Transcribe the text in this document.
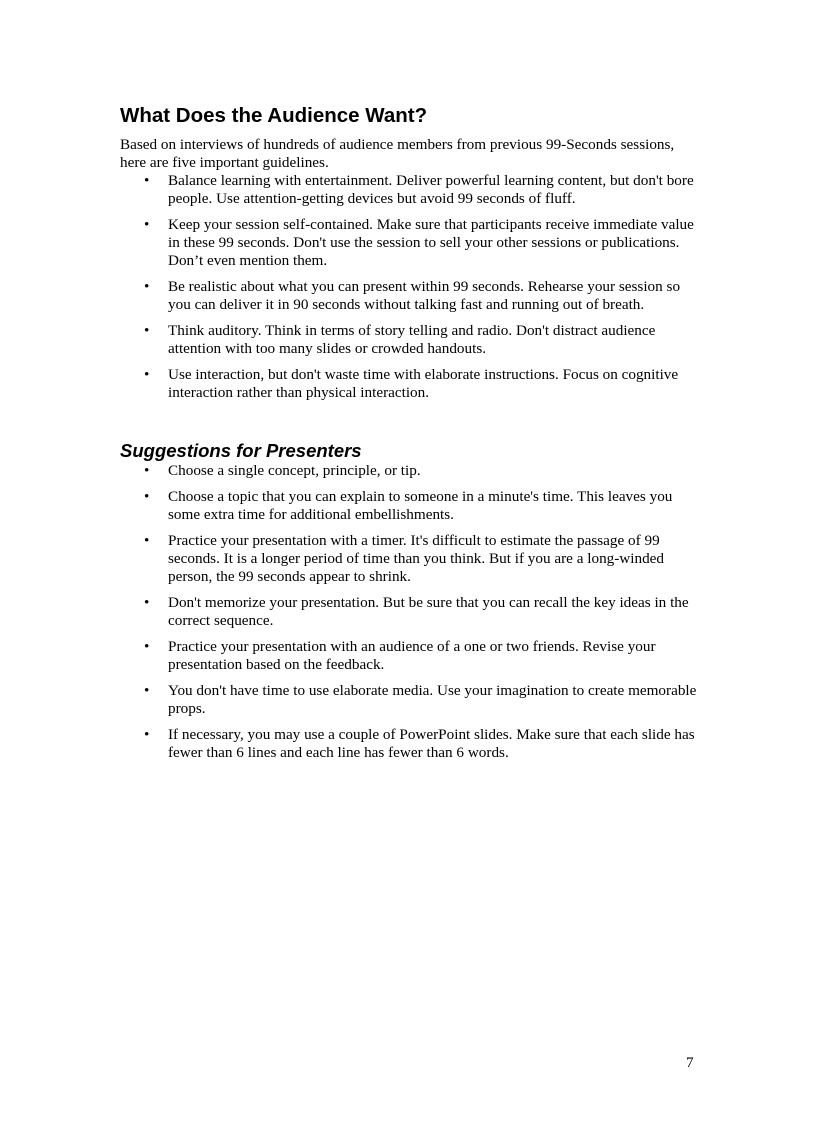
What Does the Audience Want?

Based on interviews of hundreds of audience members from previous 99-Seconds sessions, here are five important guidelines.

• Balance learning with entertainment. Deliver powerful learning content, but don't bore people. Use attention-getting devices but avoid 99 seconds of fluff.
• Keep your session self-contained. Make sure that participants receive immediate value in these 99 seconds. Don't use the session to sell your other sessions or publications. Don’t even mention them.
• Be realistic about what you can present within 99 seconds. Rehearse your session so you can deliver it in 90 seconds without talking fast and running out of breath.
• Think auditory. Think in terms of story telling and radio. Don't distract audience attention with too many slides or crowded handouts.
• Use interaction, but don't waste time with elaborate instructions. Focus on cognitive interaction rather than physical interaction.
Suggestions for Presenters
• Choose a single concept, principle, or tip.
• Choose a topic that you can explain to someone in a minute's time. This leaves you some extra time for additional embellishments.
• Practice your presentation with a timer. It's difficult to estimate the passage of 99 seconds. It is a longer period of time than you think. But if you are a long-winded person, the 99 seconds appear to shrink.
• Don't memorize your presentation. But be sure that you can recall the key ideas in the correct sequence.
• Practice your presentation with an audience of a one or two friends. Revise your presentation based on the feedback.
• You don't have time to use elaborate media. Use your imagination to create memorable props.
• If necessary, you may use a couple of PowerPoint slides. Make sure that each slide has fewer than 6 lines and each line has fewer than 6 words.
7
